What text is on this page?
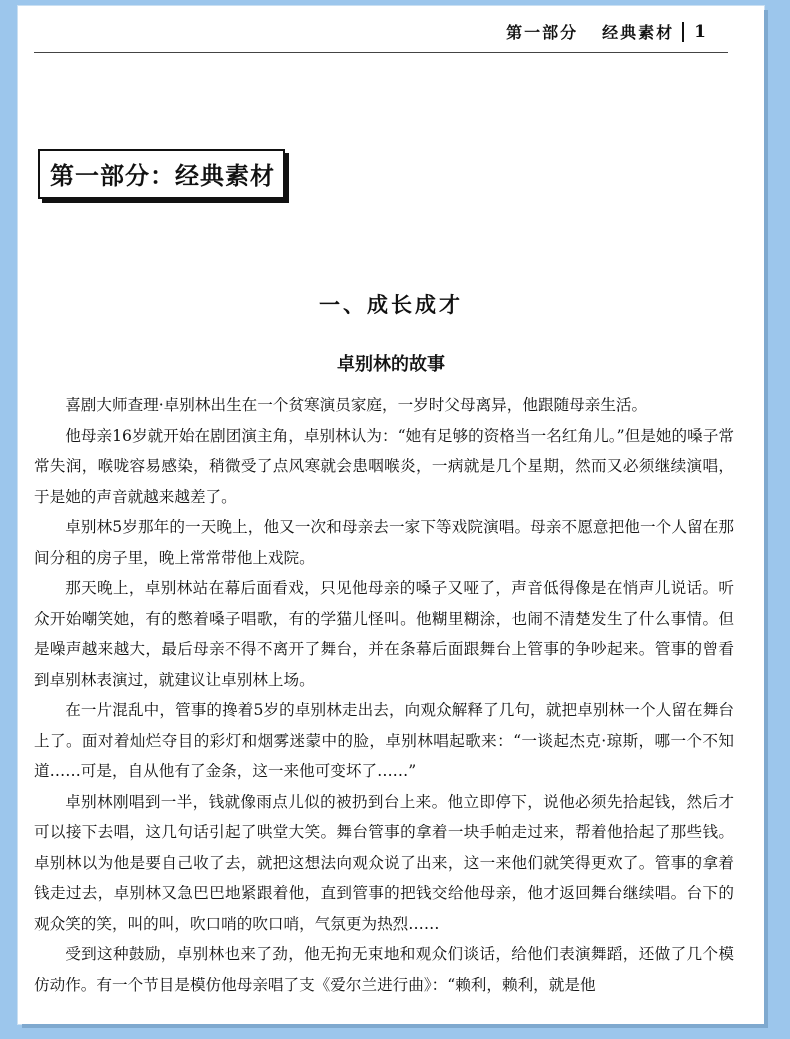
第一部分 经典素材 1
第一部分：经典素材
一、成长成才
卓别林的故事

喜剧大师查理·卓别林出生在一个贫寒演员家庭，一岁时父母离异，他跟随母亲生活。

他母亲16岁就开始在剧团演主角，卓别林认为：“她有足够的资格当一名红角儿。”但是她的嗓子常常失润，喉咙容易感染，稍微受了点风寒就会患咽喉炎，一病就是几个星期，然而又必须继续演唱，于是她的声音就越来越差了。

卓别林5岁那年的一天晚上，他又一次和母亲去一家下等戏院演唱。母亲不愿意把他一个人留在那间分租的房子里，晚上常常带他上戏院。

那天晚上，卓别林站在幕后面看戏，只见他母亲的嗓子又哑了，声音低得像是在悄声儿说话。听众开始嘲笑她，有的憋着嗓子唱歌，有的学猫儿怪叫。他糊里糊涂，也闹不清楚发生了什么事情。但是噪声越来越大，最后母亲不得不离开了舞台，并在条幕后面跟舞台上管事的争吵起来。管事的曾看到卓别林表演过，就建议让卓别林上场。

在一片混乱中，管事的搀着5岁的卓别林走出去，向观众解释了几句，就把卓别林一个人留在舞台上了。面对着灿烂夺目的彩灯和烟雾迷蒙中的脸，卓别林唱起歌来：“一谈起杰克·琼斯，哪一个不知道……可是，自从他有了金条，这一来他可变坏了……”

卓别林刚唱到一半，钱就像雨点儿似的被扔到台上来。他立即停下，说他必须先拾起钱，然后才可以接下去唱，这几句话引起了哄堂大笑。舞台管事的拿着一块手帕走过来，帮着他拾起了那些钱。卓别林以为他是要自己收了去，就把这想法向观众说了出来，这一来他们就笑得更欢了。管事的拿着钱走过去，卓别林又急巴巴地紧跟着他，直到管事的把钱交给他母亲，他才返回舞台继续唱。台下的观众笑的笑，叫的叫，吹口哨的吹口哨，气氛更为热烈……

受到这种鼓励，卓别林也来了劲，他无拘无束地和观众们谈话，给他们表演舞蹈，还做了几个模仿动作。有一个节目是模仿他母亲唱了支《爱尔兰进行曲》：“赖利，赖利，就是他
